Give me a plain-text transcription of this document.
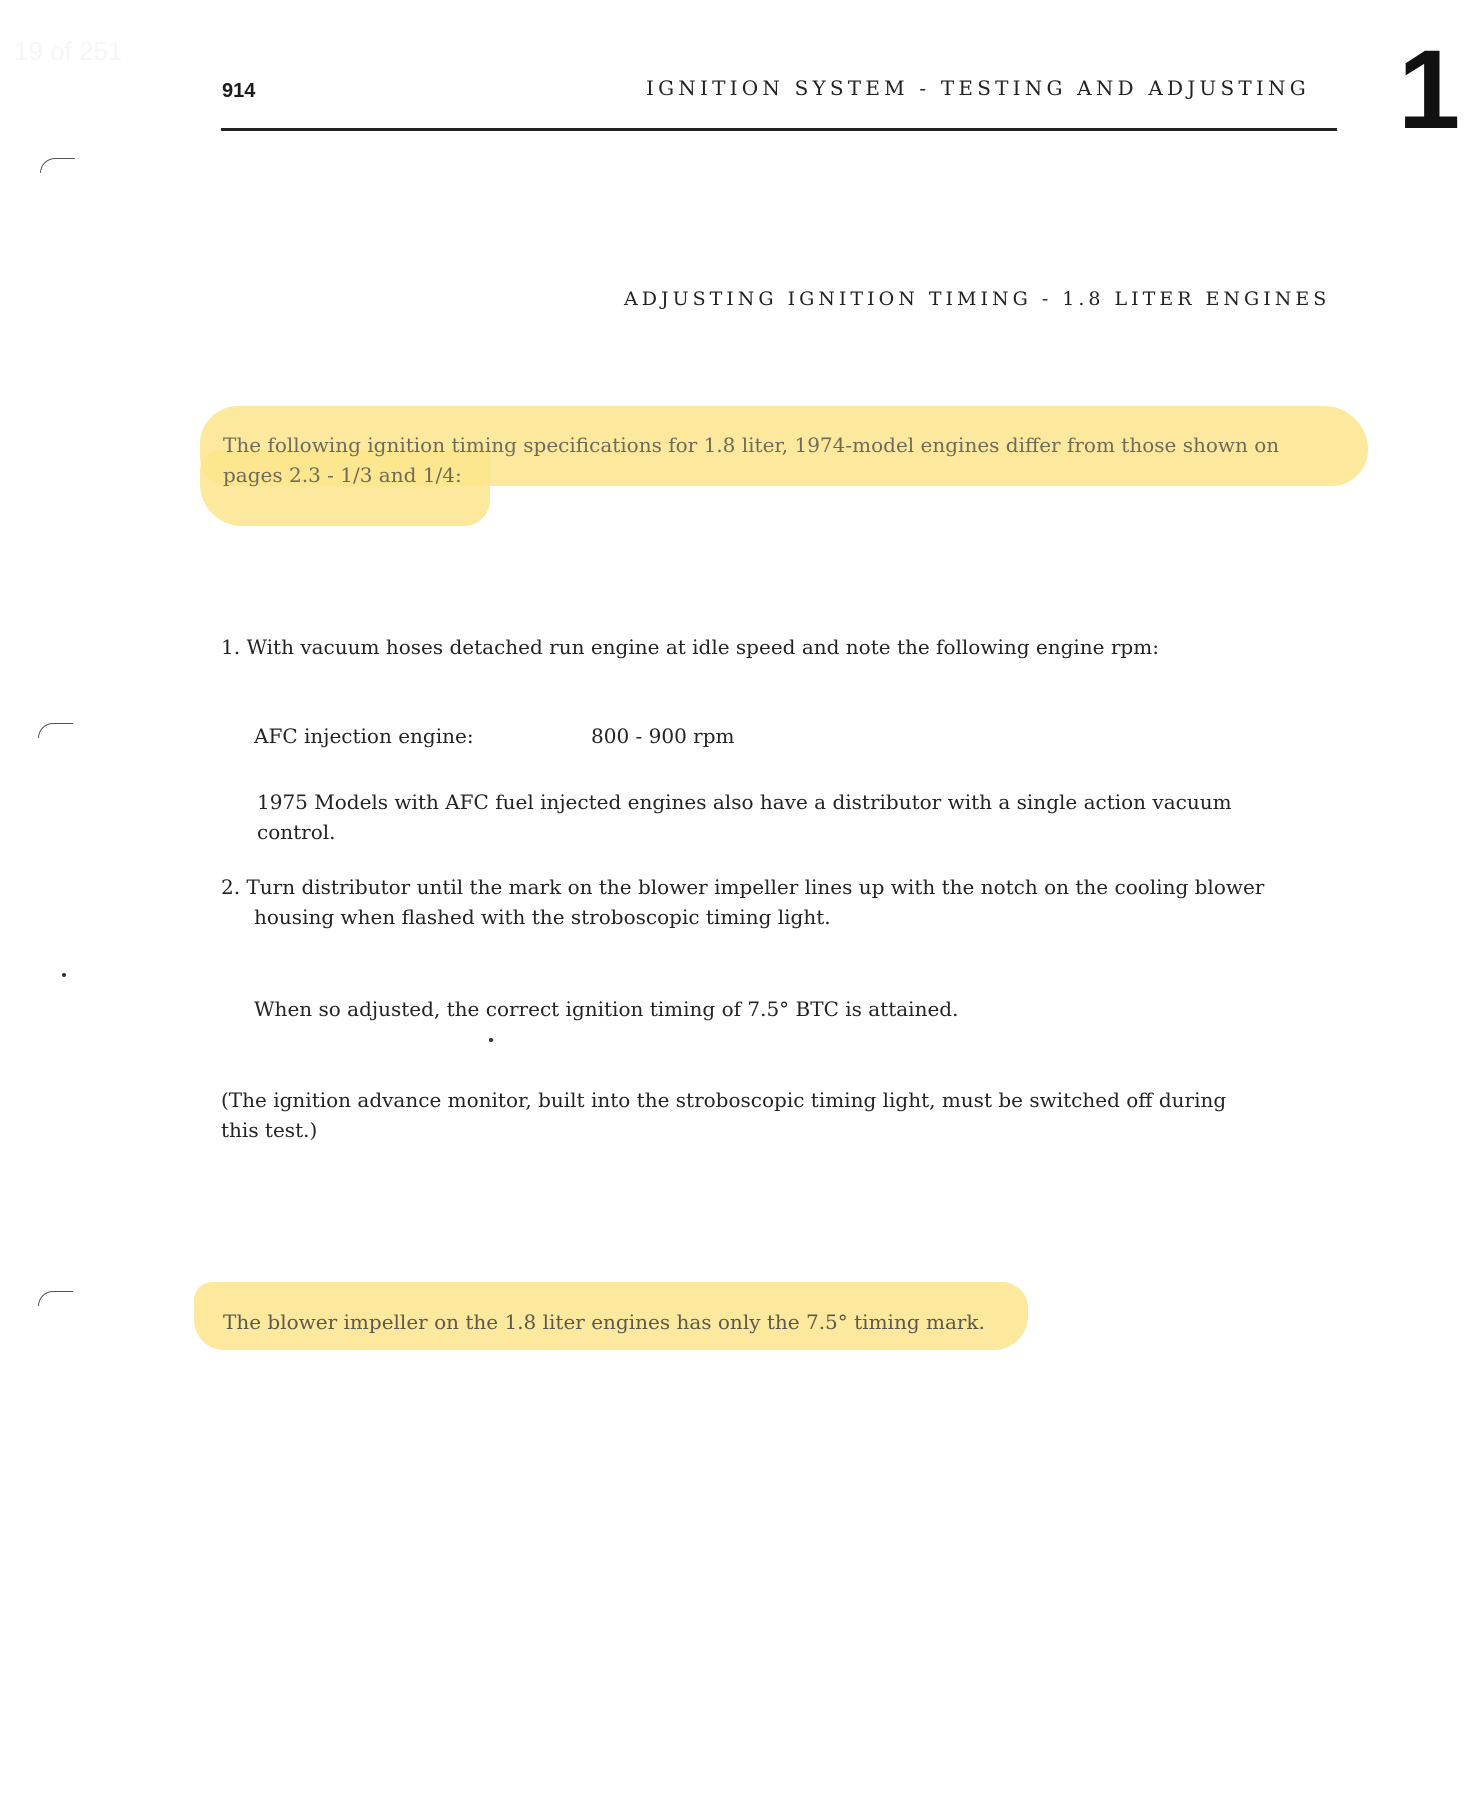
19 of 251
914	IGNITION SYSTEM - TESTING AND ADJUSTING 1
ADJUSTING IGNITION TIMING - 1.8 LITER ENGINES
The following ignition timing specifications for 1.8 liter, 1974-model engines differ from those shown on
pages 2.3 - 1/3 and 1/4:
1. With vacuum hoses detached run engine at idle speed and note the following engine rpm:
AFC injection engine:	800 - 900 rpm
1975 Models with AFC fuel injected engines also have a distributor with a single action vacuum
control.
2. Turn distributor until the mark on the blower impeller lines up with the notch on the cooling blower
housing when flashed with the stroboscopic timing light.
When so adjusted, the correct ignition timing of 7.5° BTC is attained.
(The ignition advance monitor, built into the stroboscopic timing light, must be switched off during
this test.)
The blower impeller on the 1.8 liter engines has only the 7.5° timing mark.
